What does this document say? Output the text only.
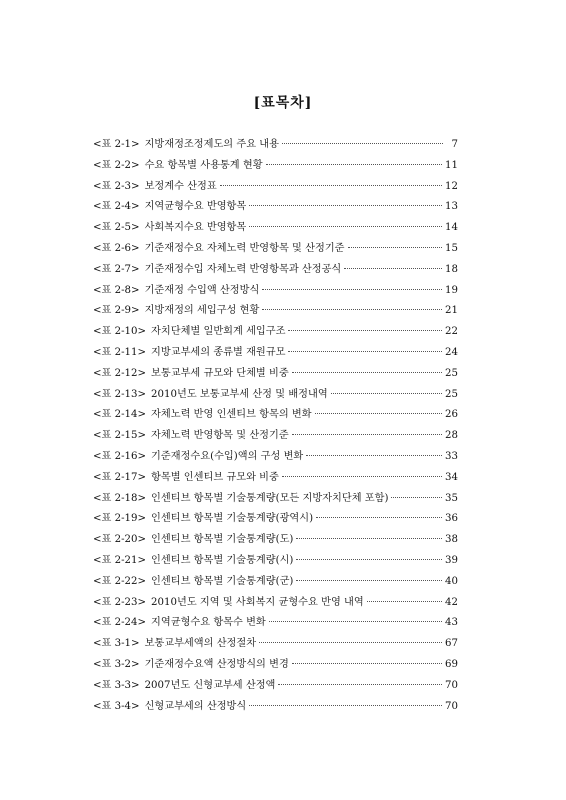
[표목차]
<표 2-1> 지방재정조정제도의 주요 내용	7
<표 2-2> 수요 항목별 사용통계 현황	11
<표 2-3> 보정계수 산정표	12
<표 2-4> 지역균형수요 반영항목	13
<표 2-5> 사회복지수요 반영항목	14
<표 2-6> 기준재정수요 자체노력 반영항목 및 산정기준	15
<표 2-7> 기준재정수입 자체노력 반영항목과 산정공식	18
<표 2-8> 기준재정 수입액 산정방식	19
<표 2-9> 지방재정의 세입구성 현황	21
<표 2-10> 자치단체별 일반회계 세입구조	22
<표 2-11> 지방교부세의 종류별 재원규모	24
<표 2-12> 보통교부세 규모와 단체별 비중	25
<표 2-13> 2010년도 보통교부세 산정 및 배정내역	25
<표 2-14> 자체노력 반영 인센티브 항목의 변화	26
<표 2-15> 자체노력 반영항목 및 산정기준	28
<표 2-16> 기준재정수요(수입)액의 구성 변화	33
<표 2-17> 항목별 인센티브 규모와 비중	34
<표 2-18> 인센티브 항목별 기술통계량(모든 지방자치단체 포함)	35
<표 2-19> 인센티브 항목별 기술통계량(광역시)	36
<표 2-20> 인센티브 항목별 기술통계량(도)	38
<표 2-21> 인센티브 항목별 기술통계량(시)	39
<표 2-22> 인센티브 항목별 기술통계량(군)	40
<표 2-23> 2010년도 지역 및 사회복지 균형수요 반영 내역	42
<표 2-24> 지역균형수요 항목수 변화	43
<표 3-1> 보통교부세액의 산정절차	67
<표 3-2> 기준재정수요액 산정방식의 변경	69
<표 3-3> 2007년도 신형교부세 산정액	70
<표 3-4> 신형교부세의 산정방식	70
